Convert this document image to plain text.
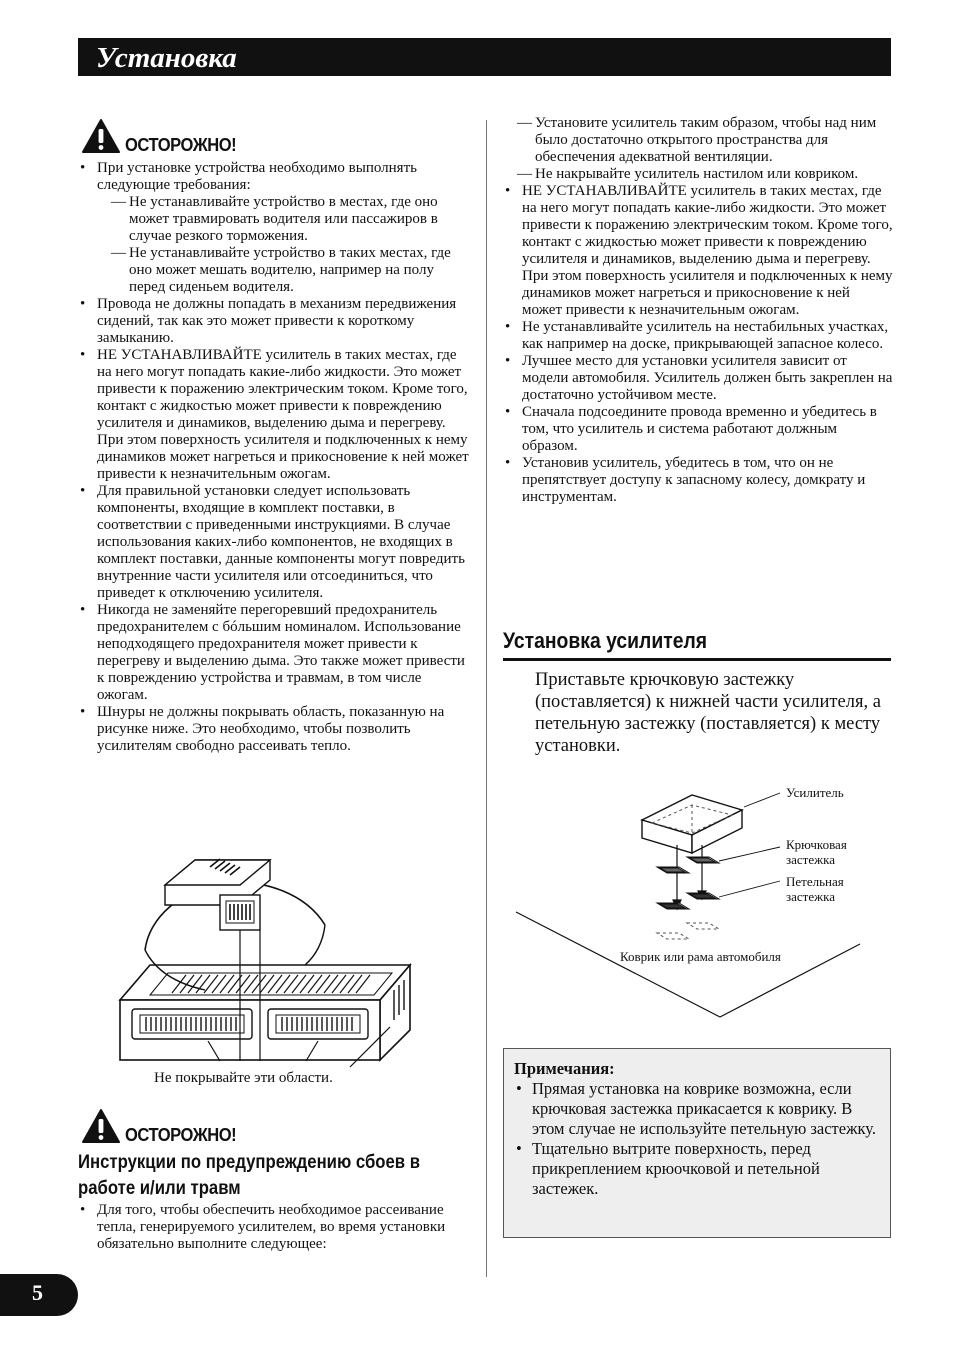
Установка
ОСТОРОЖНО!
• При установке устройства необходимо выполнять следующие требования:
— Не устанавливайте устройство в местах, где оно может травмировать водителя или пассажиров в случае резкого торможения.
— Не устанавливайте устройство в таких местах, где оно может мешать водителю, например на полу перед сиденьем водителя.
• Провода не должны попадать в механизм передвижения сидений, так как это может привести к короткому замыканию.
• НЕ УСТАНАВЛИВАЙТЕ усилитель в таких местах, где на него могут попадать какие-либо жидкости. Это может привести к поражению электрическим током. Кроме того, контакт с жидкостью может привести к повреждению усилителя и динамиков, выделению дыма и перегреву. При этом поверхность усилителя и подключенных к нему динамиков может нагреться и прикосновение к ней может привести к незначительным ожогам.
• Для правильной установки следует использовать компоненты, входящие в комплект поставки, в соответствии с приведенными инструкциями. В случае использования каких-либо компонентов, не входящих в комплект поставки, данные компоненты могут повредить внутренние части усилителя или отсоединиться, что приведет к отключению усилителя.
• Никогда не заменяйте перегоревший предохранитель предохранителем с бóльшим номиналом. Использование неподходящего предохранителя может привести к перегреву и выделению дыма. Это также может привести к повреждению устройства и травмам, в том числе ожогам.
• Шнуры не должны покрывать область, показанную на рисунке ниже. Это необходимо, чтобы позволить усилителям свободно рассеивать тепло.
Не покрывайте эти области.
ОСТОРОЖНО!
Инструкции по предупреждению сбоев в работе и/или травм
• Для того, чтобы обеспечить необходимое рассеивание тепла, генерируемого усилителем, во время установки обязательно выполните следующее:
— Установите усилитель таким образом, чтобы над ним было достаточно открытого пространства для обеспечения адекватной вентиляции.
— Не накрывайте усилитель настилом или ковриком.
• НЕ УСТАНАВЛИВАЙТЕ усилитель в таких местах, где на него могут попадать какие-либо жидкости. Это может привести к поражению электрическим током. Кроме того, контакт с жидкостью может привести к повреждению усилителя и динамиков, выделению дыма и перегреву. При этом поверхность усилителя и подключенных к нему динамиков может нагреться и прикосновение к ней может привести к незначительным ожогам.
• Не устанавливайте усилитель на нестабильных участках, как например на доске, прикрывающей запасное колесо.
• Лучшее место для установки усилителя зависит от модели автомобиля. Усилитель должен быть закреплен на достаточно устойчивом месте.
• Сначала подсоедините провода временно и убедитесь в том, что усилитель и система работают должным образом.
• Установив усилитель, убедитесь в том, что он не препятствует доступу к запасному колесу, домкрату и инструментам.
Установка усилителя
Приставьте крючковую застежку (поставляется) к нижней части усилителя, а петельную застежку (поставляется) к месту установки.
Усилитель
Крючковая
застежка
Петельная
застежка
Коврик или рама автомобиля
Примечания:
• Прямая установка на коврике возможна, если крючковая застежка прикасается к коврику. В этом случае не используйте петельную застежку.
• Тщательно вытрите поверхность, перед прикреплением крюочковой и петельной застежек.
5
